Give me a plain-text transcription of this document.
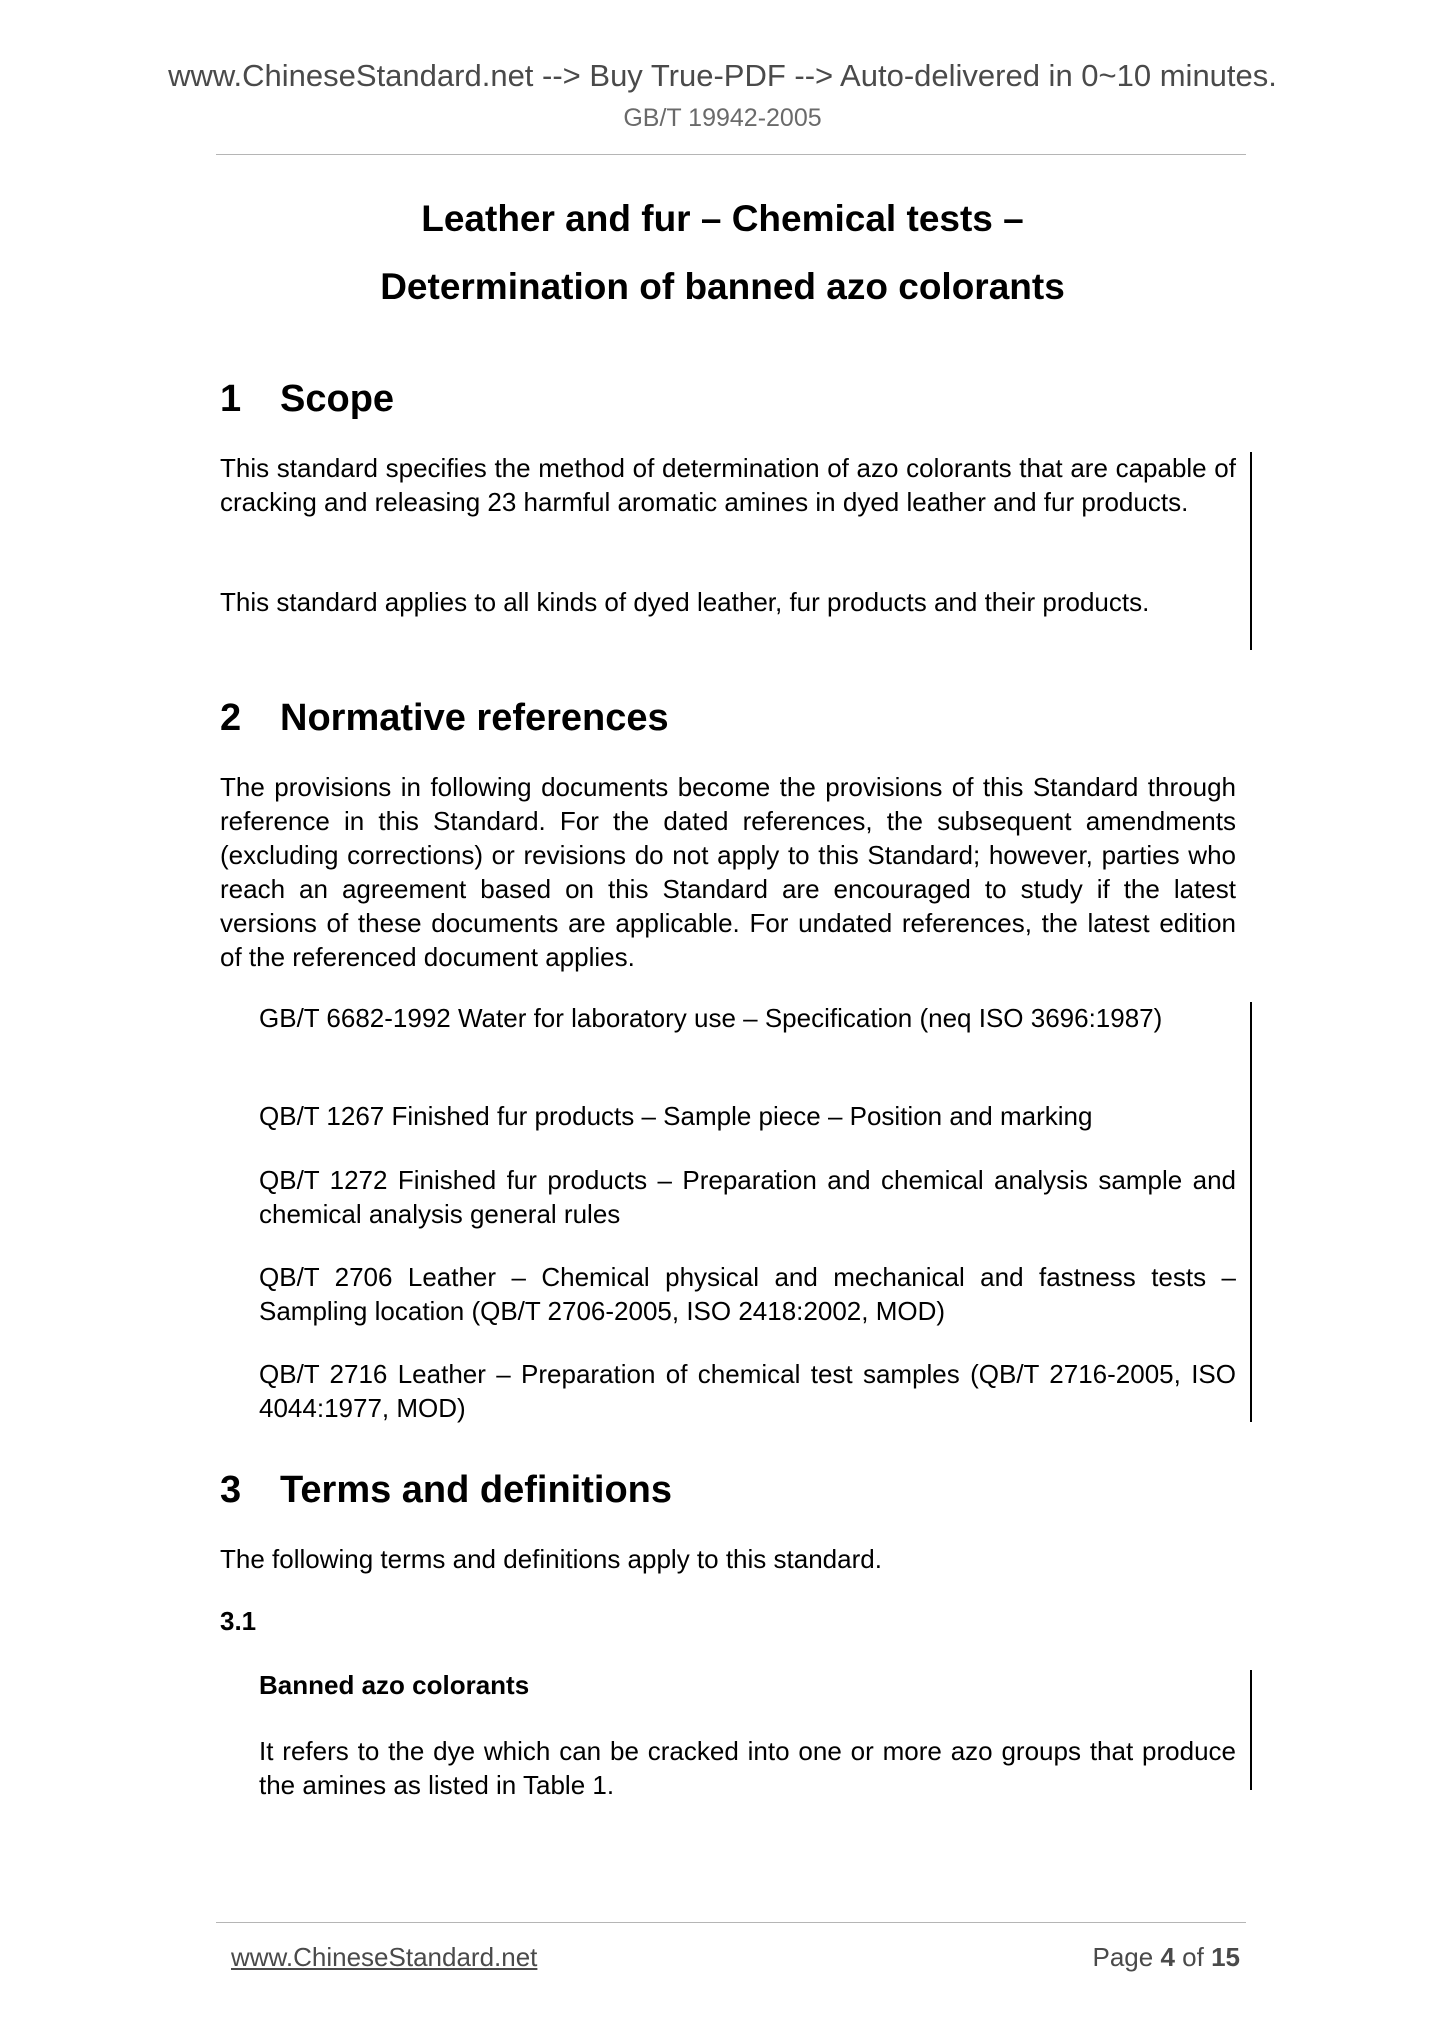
www.ChineseStandard.net --> Buy True-PDF --> Auto-delivered in 0~10 minutes.
GB/T 19942-2005
Leather and fur – Chemical tests –
Determination of banned azo colorants
1 Scope

This standard specifies the method of determination of azo colorants that are capable of cracking and releasing 23 harmful aromatic amines in dyed leather and fur products.

This standard applies to all kinds of dyed leather, fur products and their products.

2 Normative references

The provisions in following documents become the provisions of this Standard through reference in this Standard. For the dated references, the subsequent amendments (excluding corrections) or revisions do not apply to this Standard; however, parties who reach an agreement based on this Standard are encouraged to study if the latest versions of these documents are applicable. For undated references, the latest edition of the referenced document applies.

GB/T 6682-1992 Water for laboratory use – Specification (neq ISO 3696:1987)

QB/T 1267 Finished fur products – Sample piece – Position and marking

QB/T 1272 Finished fur products – Preparation and chemical analysis sample and chemical analysis general rules

QB/T 2706 Leather – Chemical physical and mechanical and fastness tests – Sampling location (QB/T 2706-2005, ISO 2418:2002, MOD)

QB/T 2716 Leather – Preparation of chemical test samples (QB/T 2716-2005, ISO 4044:1977, MOD)

3 Terms and definitions

The following terms and definitions apply to this standard.

3.1
Banned azo colorants

It refers to the dye which can be cracked into one or more azo groups that produce the amines as listed in Table 1.

www.ChineseStandard.net	Page 4 of 15
